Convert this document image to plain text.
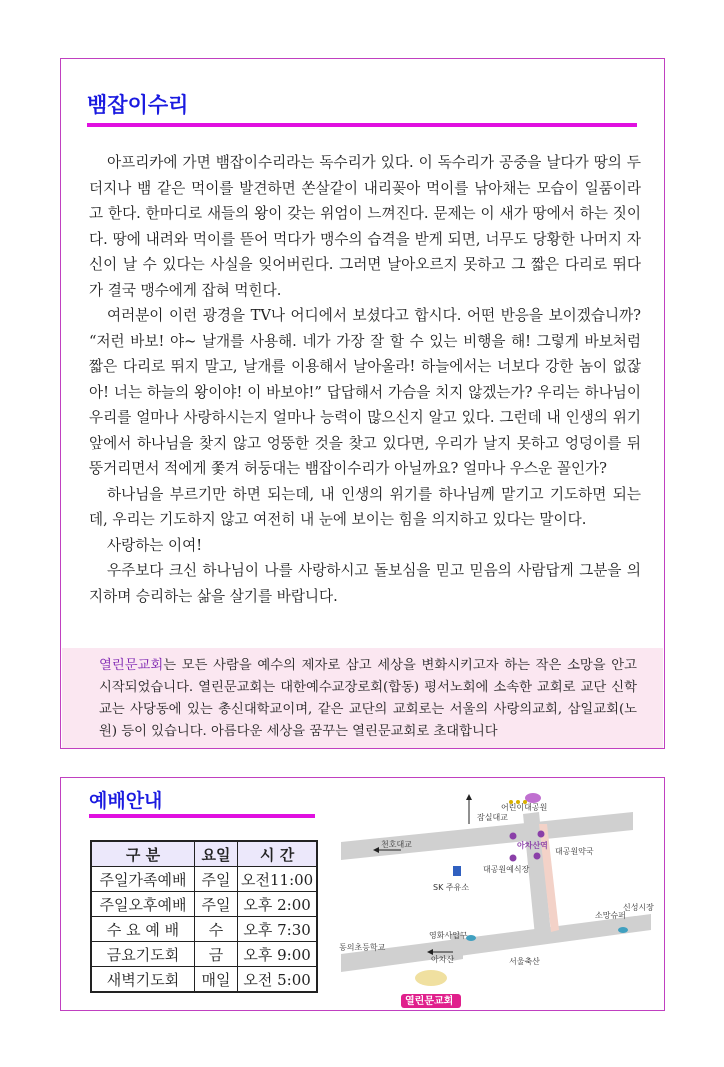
뱀잡이수리

아프리카에 가면 뱀잡이수리라는 독수리가 있다. 이 독수리가 공중을 날다가 땅의 두더지나 뱀 같은 먹이를 발견하면 쏜살같이 내리꽂아 먹이를 낚아채는 모습이 일품이라고 한다. 한마디로 새들의 왕이 갖는 위엄이 느껴진다. 문제는 이 새가 땅에서 하는 짓이다. 땅에 내려와 먹이를 뜯어 먹다가 맹수의 습격을 받게 되면, 너무도 당황한 나머지 자신이 날 수 있다는 사실을 잊어버린다. 그러면 날아오르지 못하고 그 짧은 다리로 뛰다가 결국 맹수에게 잡혀 먹힌다.

여러분이 이런 광경을 TV나 어디에서 보셨다고 합시다. 어떤 반응을 보이겠습니까? “저런 바보! 야~ 날개를 사용해. 네가 가장 잘 할 수 있는 비행을 해! 그렇게 바보처럼 짧은 다리로 뛰지 말고, 날개를 이용해서 날아올라! 하늘에서는 너보다 강한 놈이 없잖아! 너는 하늘의 왕이야! 이 바보야!” 답답해서 가슴을 치지 않겠는가? 우리는 하나님이 우리를 얼마나 사랑하시는지 얼마나 능력이 많으신지 알고 있다. 그런데 내 인생의 위기 앞에서 하나님을 찾지 않고 엉뚱한 것을 찾고 있다면, 우리가 날지 못하고 엉덩이를 뒤뚱거리면서 적에게 쫓겨 허둥대는 뱀잡이수리가 아닐까요? 얼마나 우스운 꼴인가?

하나님을 부르기만 하면 되는데, 내 인생의 위기를 하나님께 맡기고 기도하면 되는데, 우리는 기도하지 않고 여전히 내 눈에 보이는 힘을 의지하고 있다는 말이다.

사랑하는 이여!

우주보다 크신 하나님이 나를 사랑하시고 돌보심을 믿고 믿음의 사람답게 그분을 의지하며 승리하는 삶을 살기를 바랍니다.

열린문교회는 모든 사람을 예수의 제자로 삼고 세상을 변화시키고자 하는 작은 소망을 안고 시작되었습니다. 열린문교회는 대한예수교장로회(합동) 평서노회에 소속한 교회로 교단 신학교는 사당동에 있는 총신대학교이며, 같은 교단의 교회로는 서울의 사랑의교회, 삼일교회(노원) 등이 있습니다. 아름다운 세상을 꿈꾸는 열린문교회로 초대합니다

예배안내
구 분	요일	시 간
주일가족예배	주일	오전11:00
주일오후예배	주일	오후 2:00
수 요 예 배	수	오후 7:30
금요기도회	금	오후 9:00
새벽기도회	매일	오전 5:00
잠실대교
어린이대공원
천호대교	아차산역
대공원예식장
대공원약국
SK 주유소
소망슈퍼
신성시장
동의초등학교
영화사입구
아차산	서울축산
열린문교회
